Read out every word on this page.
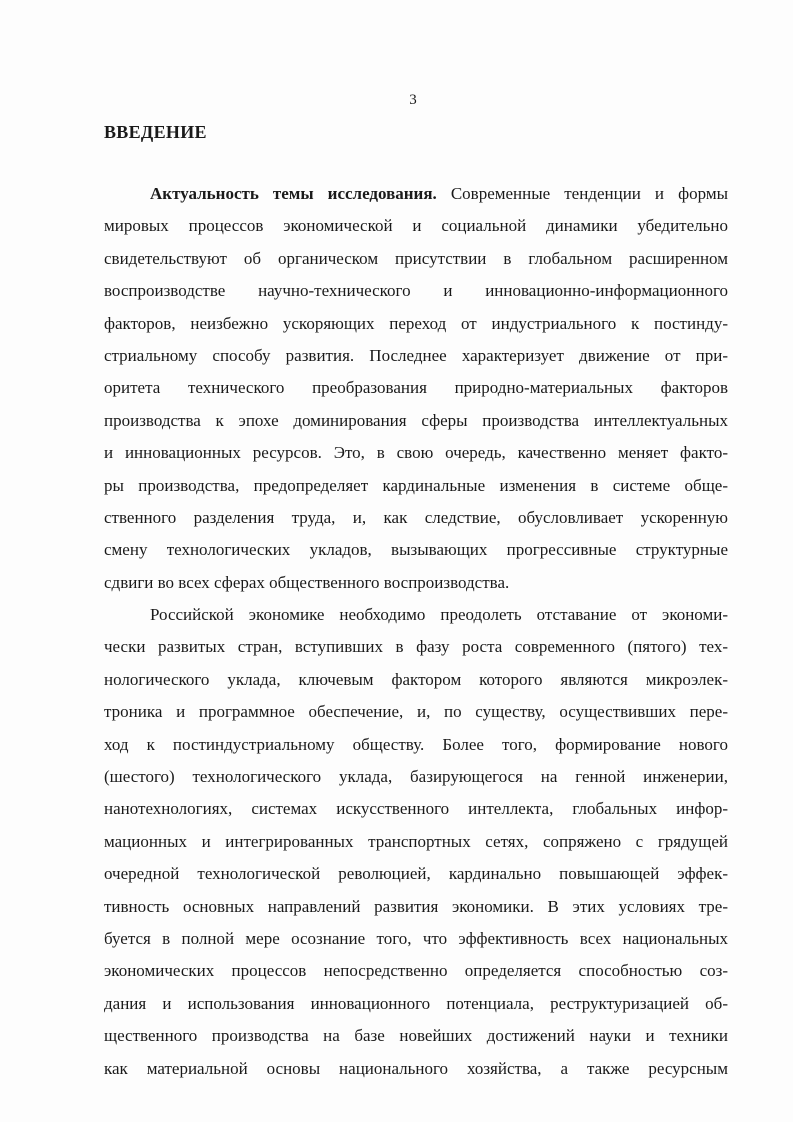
3
ВВЕДЕНИЕ
Актуальность темы исследования. Современные тенденции и формы
мировых процессов экономической и социальной динамики убедительно
свидетельствуют об органическом присутствии в глобальном расширенном
воспроизводстве научно-технического и инновационно-информационного
факторов, неизбежно ускоряющих переход от индустриального к постинду-
стриальному способу развития. Последнее характеризует движение от при-
оритета технического преобразования природно-материальных факторов
производства к эпохе доминирования сферы производства интеллектуальных
и инновационных ресурсов. Это, в свою очередь, качественно меняет факто-
ры производства, предопределяет кардинальные изменения в системе обще-
ственного разделения труда, и, как следствие, обусловливает ускоренную
смену технологических укладов, вызывающих прогрессивные структурные
сдвиги во всех сферах общественного воспроизводства.
Российской экономике необходимо преодолеть отставание от экономи-
чески развитых стран, вступивших в фазу роста современного (пятого) тех-
нологического уклада, ключевым фактором которого являются микроэлек-
троника и программное обеспечение, и, по существу, осуществивших пере-
ход к постиндустриальному обществу. Более того, формирование нового
(шестого) технологического уклада, базирующегося на генной инженерии,
нанотехнологиях, системах искусственного интеллекта, глобальных инфор-
мационных и интегрированных транспортных сетях, сопряжено с грядущей
очередной технологической революцией, кардинально повышающей эффек-
тивность основных направлений развития экономики. В этих условиях тре-
буется в полной мере осознание того, что эффективность всех национальных
экономических процессов непосредственно определяется способностью соз-
дания и использования инновационного потенциала, реструктуризацией об-
щественного производства на базе новейших достижений науки и техники
как материальной основы национального хозяйства, а также ресурсным
